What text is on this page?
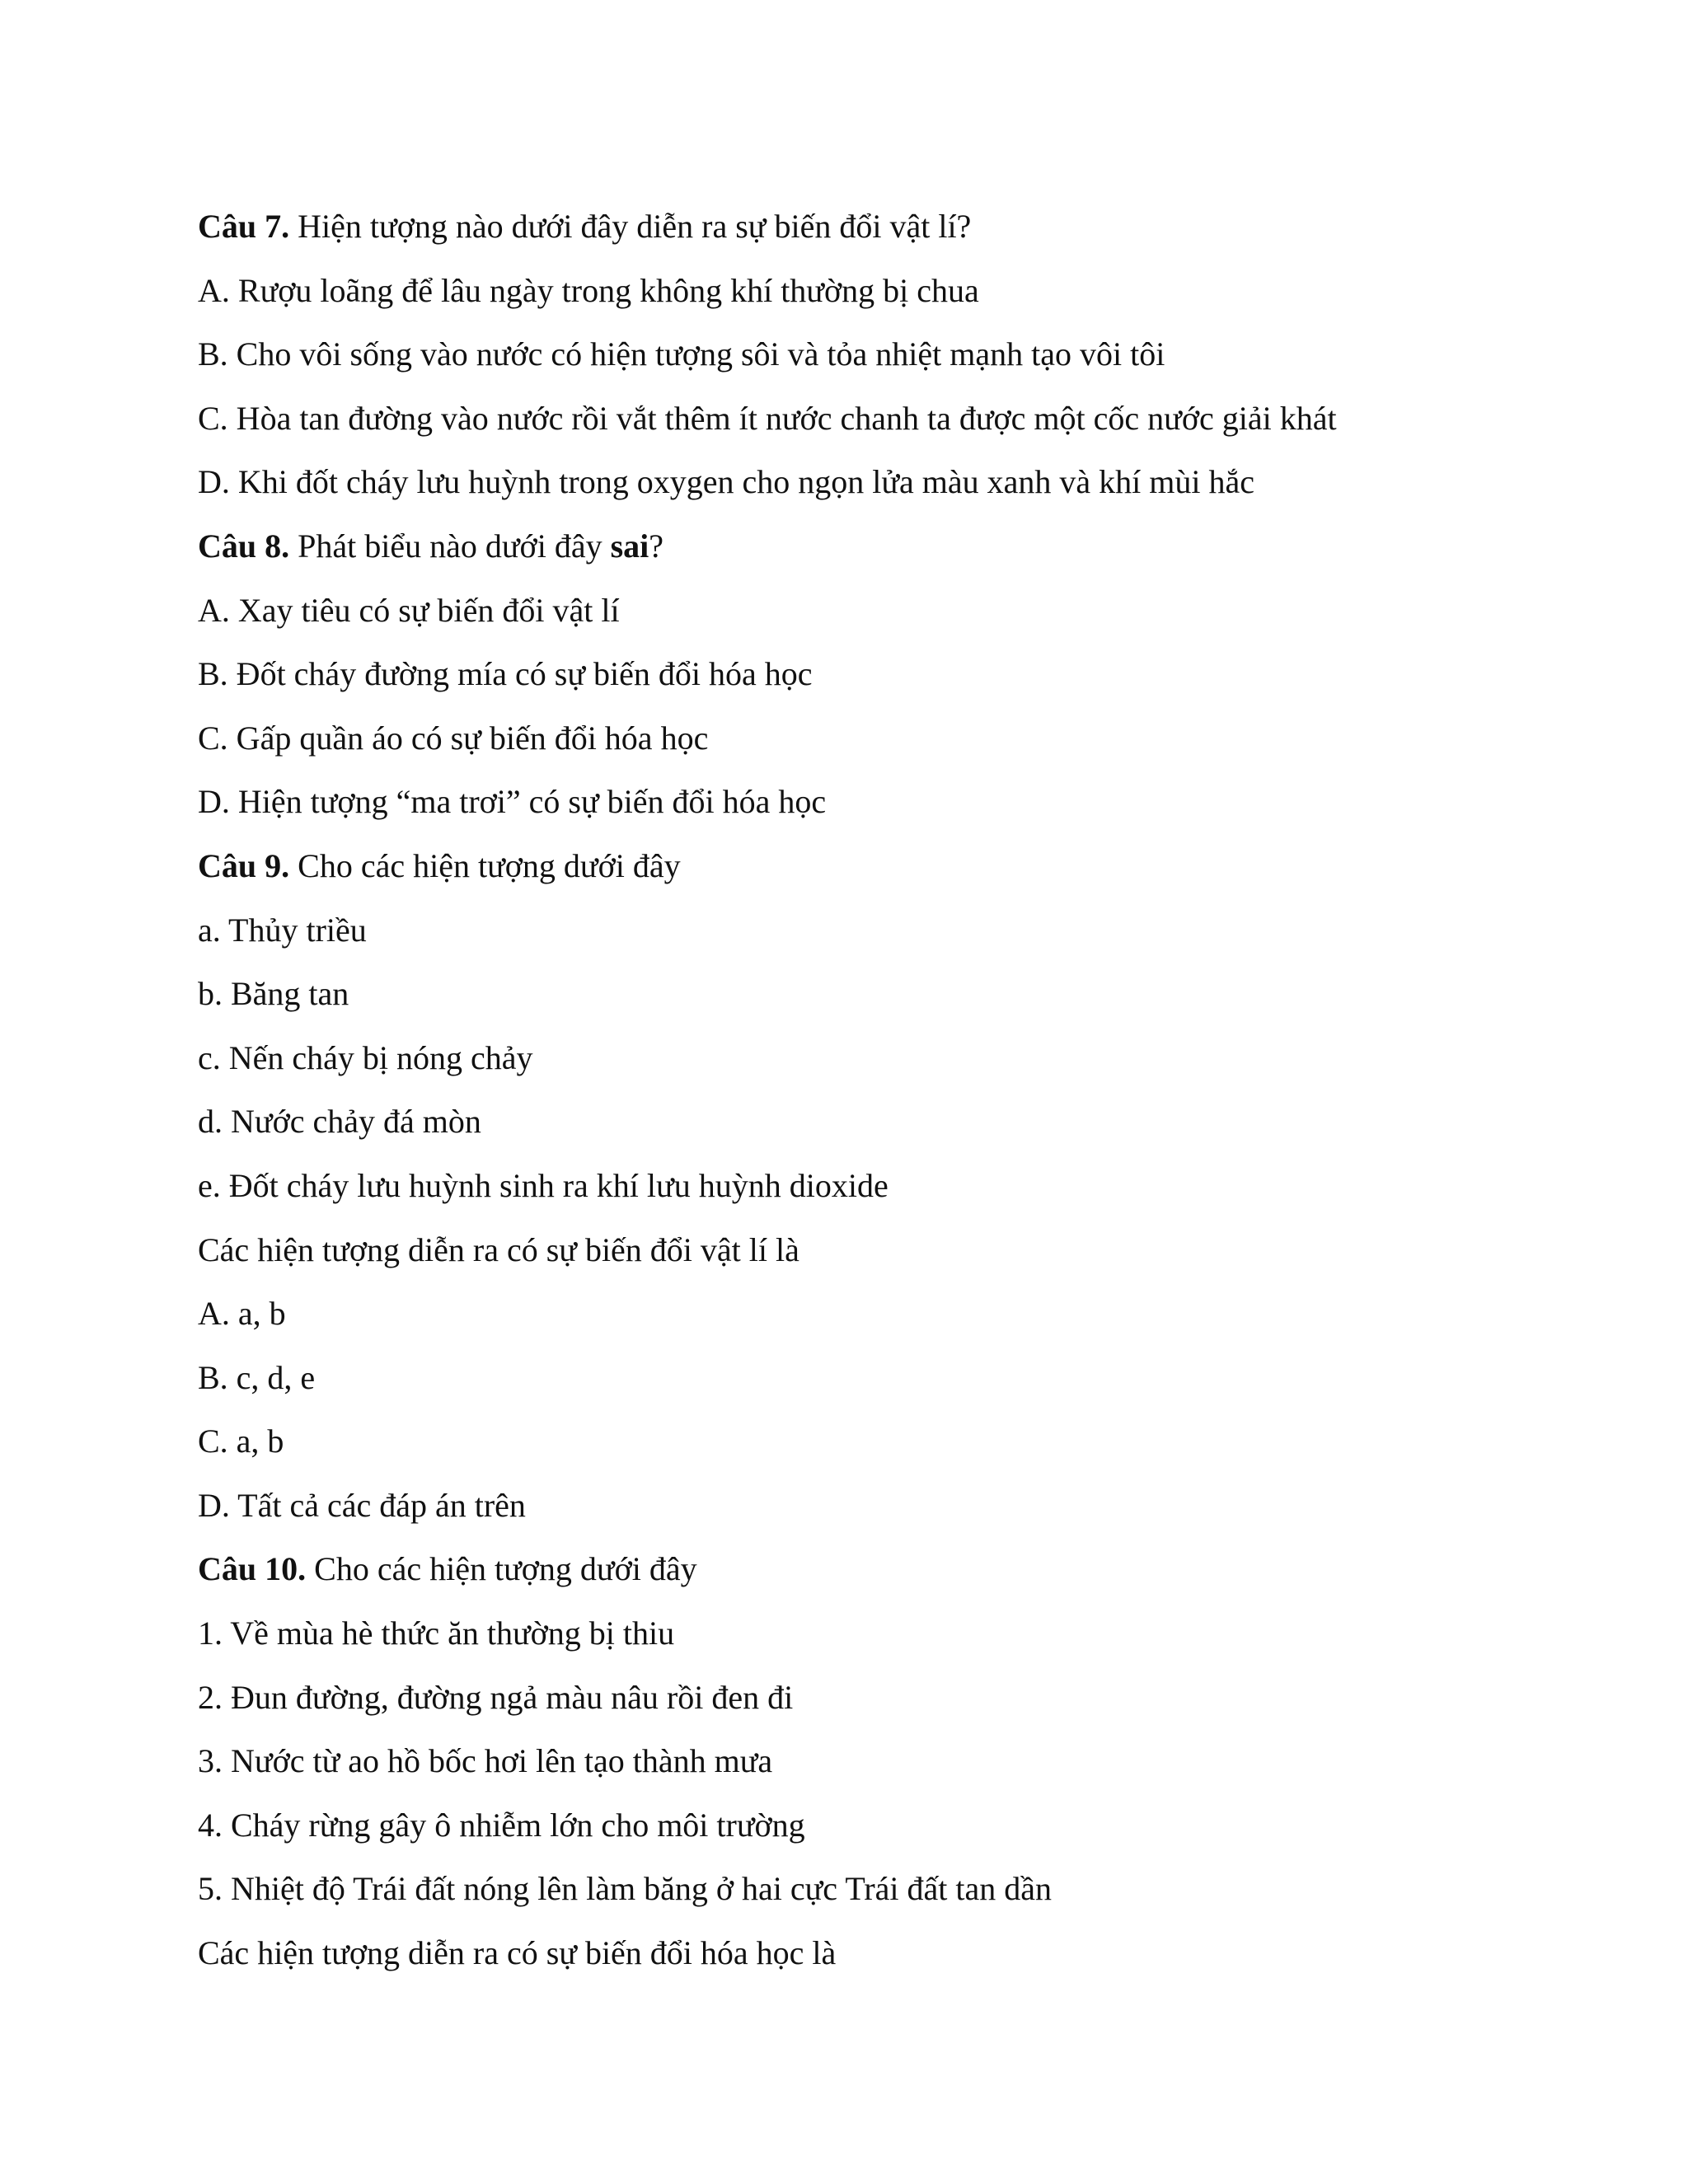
Câu 7. Hiện tượng nào dưới đây diễn ra sự biến đổi vật lí?
A. Rượu loãng để lâu ngày trong không khí thường bị chua
B. Cho vôi sống vào nước có hiện tượng sôi và tỏa nhiệt mạnh tạo vôi tôi
C. Hòa tan đường vào nước rồi vắt thêm ít nước chanh ta được một cốc nước giải khát
D. Khi đốt cháy lưu huỳnh trong oxygen cho ngọn lửa màu xanh và khí mùi hắc
Câu 8. Phát biểu nào dưới đây sai?
A. Xay tiêu có sự biến đổi vật lí
B. Đốt cháy đường mía có sự biến đổi hóa học
C. Gấp quần áo có sự biến đổi hóa học
D. Hiện tượng “ma trơi” có sự biến đổi hóa học
Câu 9. Cho các hiện tượng dưới đây
a. Thủy triều
b. Băng tan
c. Nến cháy bị nóng chảy
d. Nước chảy đá mòn
e. Đốt cháy lưu huỳnh sinh ra khí lưu huỳnh dioxide
Các hiện tượng diễn ra có sự biến đổi vật lí là
A. a, b
B. c, d, e
C. a, b
D. Tất cả các đáp án trên
Câu 10. Cho các hiện tượng dưới đây
1. Về mùa hè thức ăn thường bị thiu
2. Đun đường, đường ngả màu nâu rồi đen đi
3. Nước từ ao hồ bốc hơi lên tạo thành mưa
4. Cháy rừng gây ô nhiễm lớn cho môi trường
5. Nhiệt độ Trái đất nóng lên làm băng ở hai cực Trái đất tan dần
Các hiện tượng diễn ra có sự biến đổi hóa học là
